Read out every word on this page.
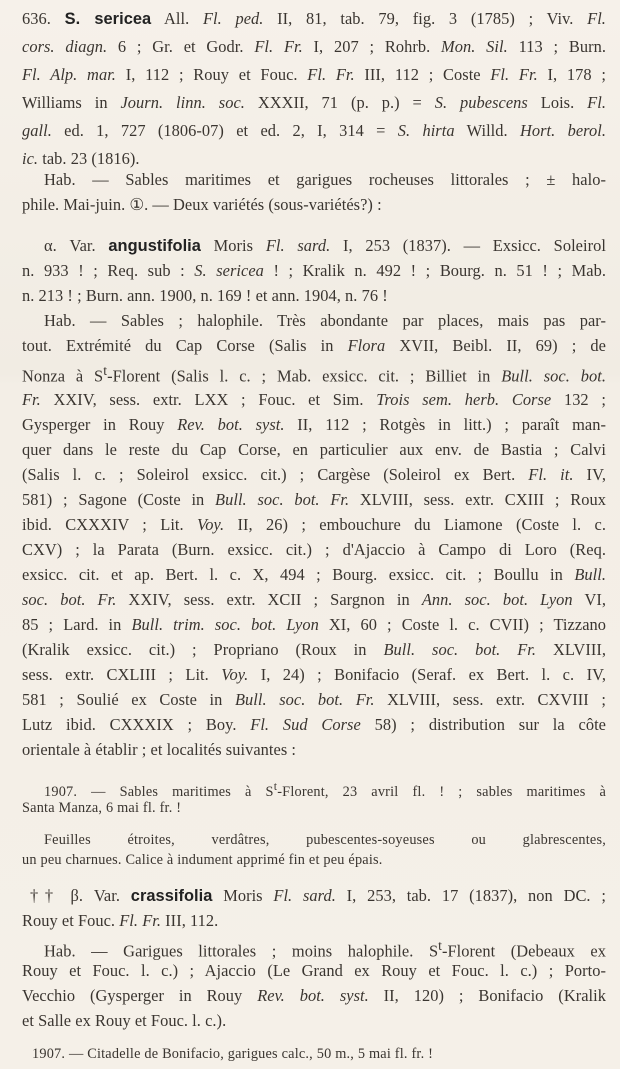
636. S. sericea All. Fl. ped. II, 81, tab. 79, fig. 3 (1785) ; Viv. Fl.
cors. diagn. 6 ; Gr. et Godr. Fl. Fr. I, 207 ; Rohrb. Mon. Sil. 113 ; Burn.
Fl. Alp. mar. I, 112 ; Rouy et Fouc. Fl. Fr. III, 112 ; Coste Fl. Fr. I, 178 ;
Williams in Journ. linn. soc. XXXII, 71 (p. p.) = S. pubescens Lois. Fl.
gall. ed. 1, 727 (1806-07) et ed. 2, I, 314 = S. hirta Willd. Hort. berol.
ic. tab. 23 (1816).
Hab. — Sables maritimes et garigues rocheuses littorales ; ± halo-
phile. Mai-juin. ①. — Deux variétés (sous-variétés?) :
α. Var. angustifolia Moris Fl. sard. I, 253 (1837). — Exsicc. Soleirol
n. 933 ! ; Req. sub : S. sericea ! ; Kralik n. 492 ! ; Bourg. n. 51 ! ; Mab.
n. 213 ! ; Burn. ann. 1900, n. 169 ! et ann. 1904, n. 76 !
Hab. — Sables ; halophile. Très abondante par places, mais pas par-
tout. Extrémité du Cap Corse (Salis in Flora XVII, Beibl. II, 69) ; de
Nonza à $S^t$-Florent (Salis l. c. ; Mab. exsicc. cit. ; Billiet in Bull. soc. bot.
Fr. XXIV, sess. extr. LXX ; Fouc. et Sim. Trois sem. herb. Corse 132 ;
Gysperger in Rouy Rev. bot. syst. II, 112 ; Rotgès in litt.) ; paraît man-
quer dans le reste du Cap Corse, en particulier aux env. de Bastia ; Calvi
(Salis l. c. ; Soleirol exsicc. cit.) ; Cargèse (Soleirol ex Bert. Fl. it. IV,
581) ; Sagone (Coste in Bull. soc. bot. Fr. XLVIII, sess. extr. CXIII ; Roux
ibid. CXXXIV ; Lit. Voy. II, 26) ; embouchure du Liamone (Coste l. c.
CXV) ; la Parata (Burn. exsicc. cit.) ; d'Ajaccio à Campo di Loro (Req.
exsicc. cit. et ap. Bert. l. c. X, 494 ; Bourg. exsicc. cit. ; Boullu in Bull.
soc. bot. Fr. XXIV, sess. extr. XCII ; Sargnon in Ann. soc. bot. Lyon VI,
85 ; Lard. in Bull. trim. soc. bot. Lyon XI, 60 ; Coste l. c. CVII) ; Tizzano
(Kralik exsicc. cit.) ; Propriano (Roux in Bull. soc. bot. Fr. XLVIII,
sess. extr. CXLIII ; Lit. Voy. I, 24) ; Bonifacio (Seraf. ex Bert. l. c. IV,
581 ; Soulié ex Coste in Bull. soc. bot. Fr. XLVIII, sess. extr. CXVIII ;
Lutz ibid. CXXXIX ; Boy. Fl. Sud Corse 58) ; distribution sur la côte
orientale à établir ; et localités suivantes :
1907. — Sables maritimes à $S^t$-Florent, 23 avril fl. ! ; sables maritimes à
Santa Manza, 6 mai fl. fr. !
Feuilles étroites, verdâtres, pubescentes-soyeuses ou glabrescentes,
un peu charnues. Calice à indument apprimé fin et peu épais.
†† β. Var. crassifolia Moris Fl. sard. I, 253, tab. 17 (1837), non DC. ;
Rouy et Fouc. Fl. Fr. III, 112.
Hab. — Garigues littorales ; moins halophile. $S^t$-Florent (Debeaux ex
Rouy et Fouc. l. c.) ; Ajaccio (Le Grand ex Rouy et Fouc. l. c.) ; Porto-
Vecchio (Gysperger in Rouy Rev. bot. syst. II, 120) ; Bonifacio (Kralik
et Salle ex Rouy et Fouc. l. c.).
1907. — Citadelle de Bonifacio, garigues calc., 50 m., 5 mai fl. fr. !
